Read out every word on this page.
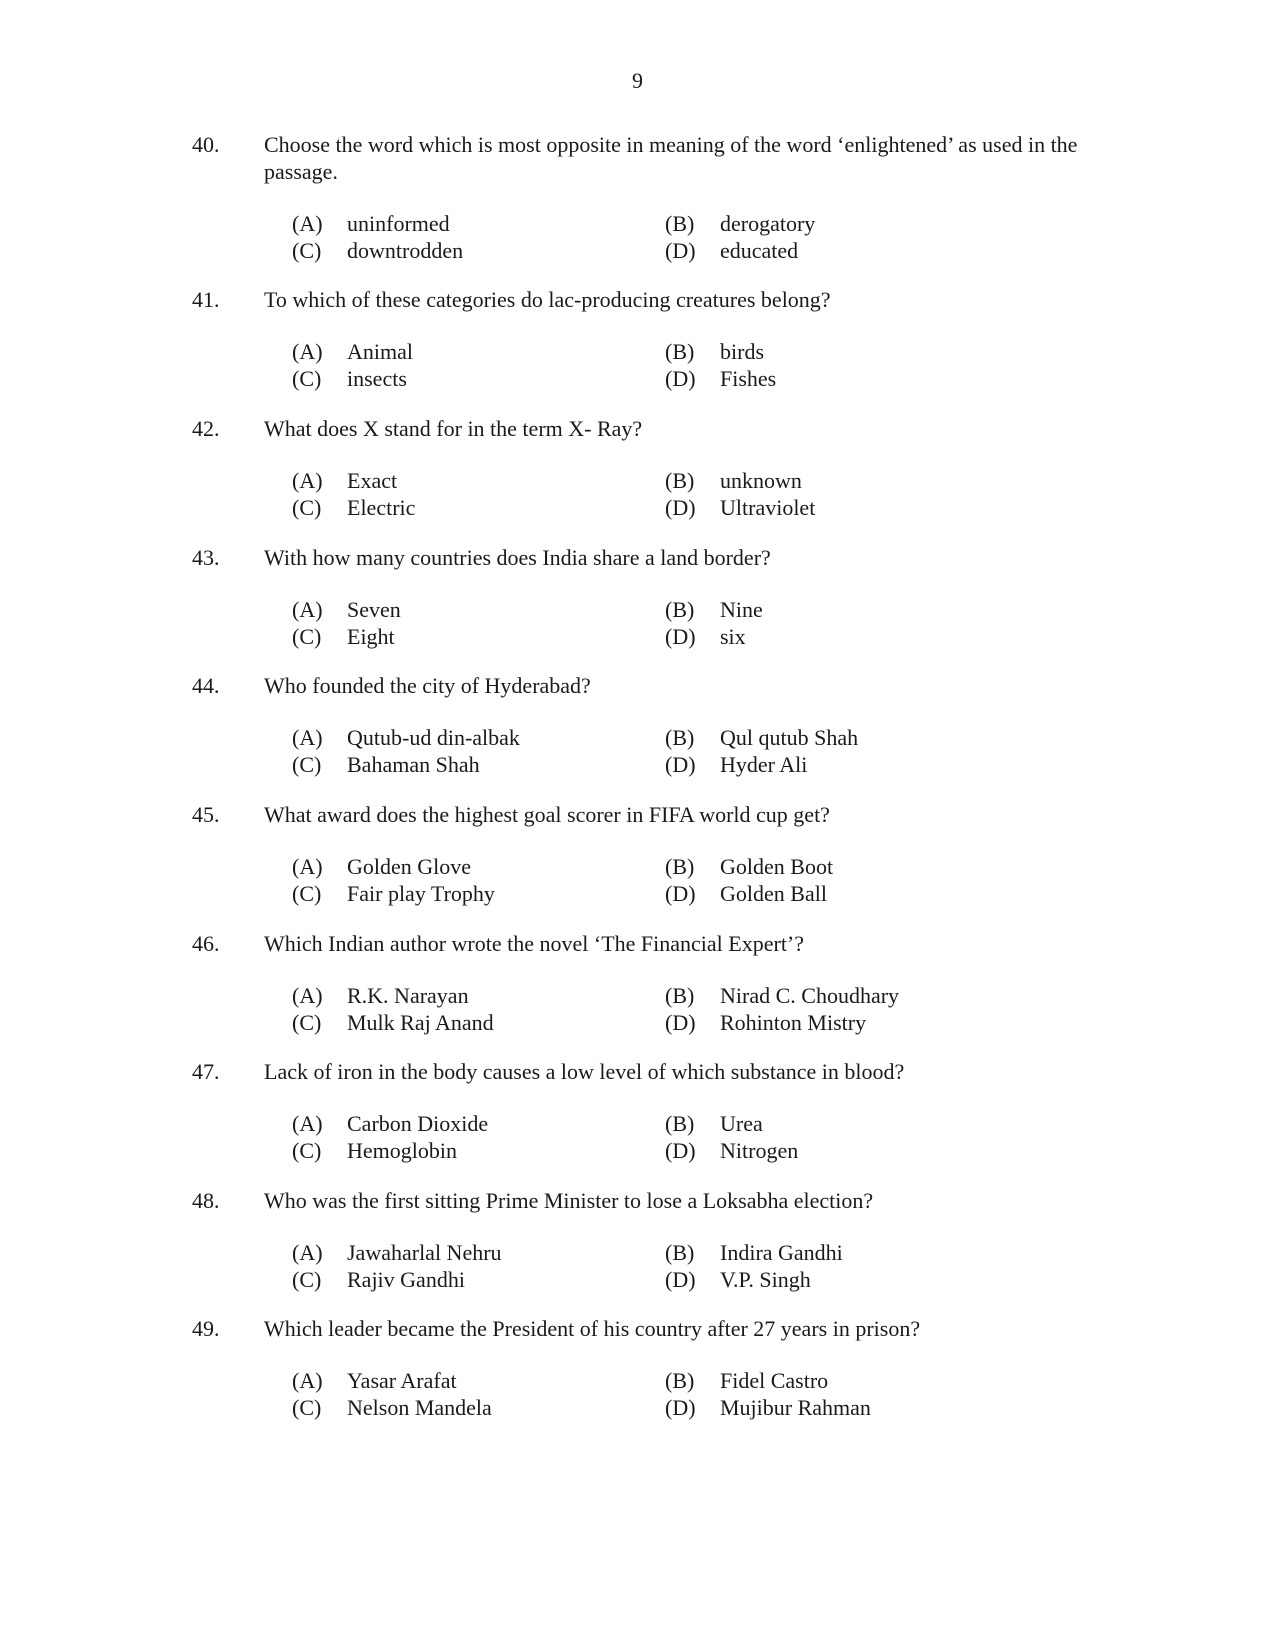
9
40.	Choose the word which is most opposite in meaning of the word ‘enlightened’ as used in the passage.
(A)	uninformed	(B)	derogatory
(C)	downtrodden	(D)	educated
41.	To which of these categories do lac-producing creatures belong?
(A)	Animal	(B)	birds
(C)	insects	(D)	Fishes
42.	What does X stand for in the term X- Ray?
(A)	Exact	(B)	unknown
(C)	Electric	(D)	Ultraviolet
43.	With how many countries does India share a land border?
(A)	Seven	(B)	Nine
(C)	Eight	(D)	six
44.	Who founded the city of Hyderabad?
(A)	Qutub-ud din-albak	(B)	Qul qutub Shah
(C)	Bahaman Shah	(D)	Hyder Ali
45.	What award does the highest goal scorer in FIFA world cup get?
(A)	Golden Glove	(B)	Golden Boot
(C)	Fair play Trophy	(D)	Golden Ball
46.	Which Indian author wrote the novel ‘The Financial Expert’?
(A)	R.K. Narayan	(B)	Nirad C. Choudhary
(C)	Mulk Raj Anand	(D)	Rohinton Mistry
47.	Lack of iron in the body causes a low level of which substance in blood?
(A)	Carbon Dioxide	(B)	Urea
(C)	Hemoglobin	(D)	Nitrogen
48.	Who was the first sitting Prime Minister to lose a Loksabha election?
(A)	Jawaharlal Nehru	(B)	Indira Gandhi
(C)	Rajiv Gandhi	(D)	V.P. Singh
49.	Which leader became the President of his country after 27 years in prison?
(A)	Yasar Arafat	(B)	Fidel Castro
(C)	Nelson Mandela	(D)	Mujibur Rahman
